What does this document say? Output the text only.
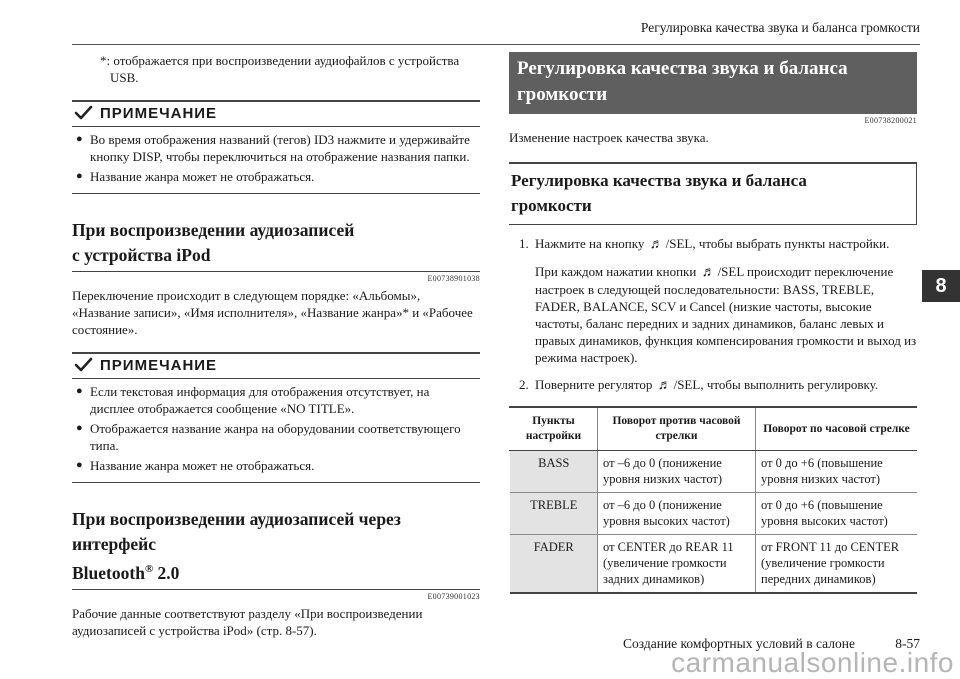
Регулировка качества звука и баланса громкости
8
*: отображается при воспроизведении аудиофайлов с устройства USB.
ПРИМЕЧАНИЕ
● Во время отображения названий (тегов) ID3 нажмите и удерживайте кнопку DISP, чтобы переключиться на отображение названия папки.
● Название жанра может не отображаться.
При воспроизведении аудиозаписей
с устройства iPod
E00738901038
Переключение происходит в следующем порядке: «Альбомы», «Название записи», «Имя исполнителя», «Название жанра»* и «Рабочее состояние».
ПРИМЕЧАНИЕ
● Если текстовая информация для отображения отсутствует, на дисплее отображается сообщение «NO TITLE».
● Отображается название жанра на оборудовании соответствующего типа.
● Название жанра может не отображаться.
При воспроизведении аудиозаписей через интерфейс
Bluetooth® 2.0
E00739001023
Рабочие данные соответствуют разделу «При воспроизведении аудиозаписей с устройства iPod» (стр. 8-57).
Регулировка качества звука и баланса
громкости
E00738200021
Изменение настроек качества звука.
Регулировка качества звука и баланса
громкости
1. Нажмите на кнопку ♬ /SEL, чтобы выбрать пункты настройки.
При каждом нажатии кнопки ♬ /SEL происходит переключение настроек в следующей последовательности: BASS, TREBLE, FADER, BALANCE, SCV и Cancel (низкие частоты, высокие частоты, баланс передних и задних динамиков, баланс левых и правых динамиков, функция компенсирования громкости и выход из режима настроек).
2. Поверните регулятор ♬ /SEL, чтобы выполнить регулировку.
Пункты настройки	Поворот против часовой стрелки	Поворот по часовой стрелке
BASS	от –6 до 0 (понижение уровня низких частот)	от 0 до +6 (повышение уровня низких частот)
TREBLE	от –6 до 0 (понижение уровня высоких частот)	от 0 до +6 (повышение уровня высоких частот)
FADER	от CENTER до REAR 11 (увеличение громкости задних динамиков)	от FRONT 11 до CENTER (увеличение громкости передних динамиков)
Создание комфортных условий в салоне	8-57
carmanualsonline.info
